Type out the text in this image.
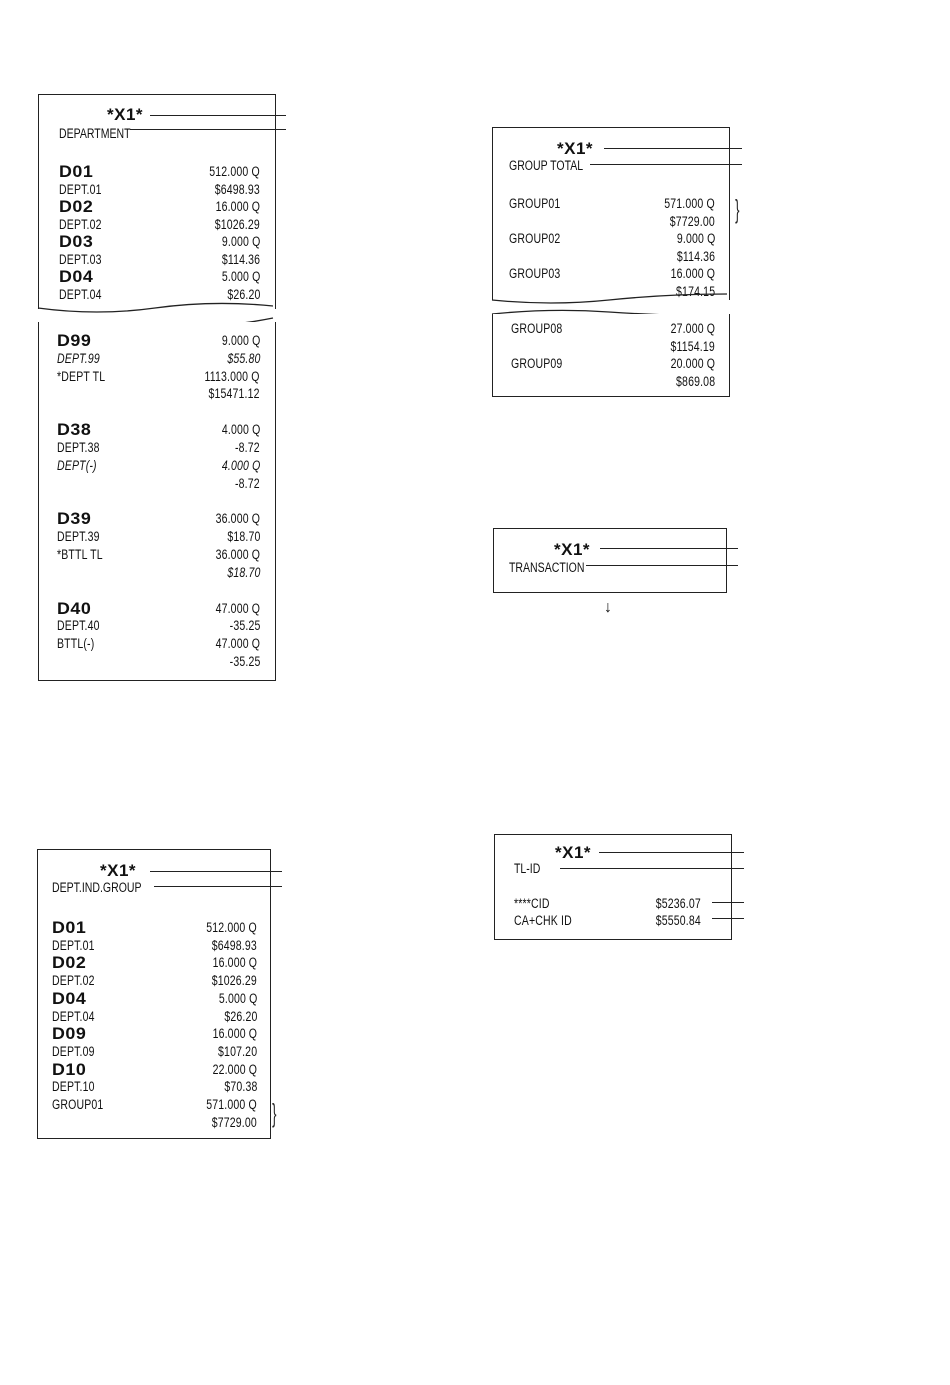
*X1*
DEPARTMENT
D01	512.000 Q
DEPT.01	$6498.93
D02	16.000 Q
DEPT.02	$1026.29
D03	9.000 Q
DEPT.03	$114.36
D04	5.000 Q
DEPT.04	$26.20
D99	9.000 Q
DEPT.99	$55.80
*DEPT TL	1113.000 Q
$15471.12
D38	4.000 Q
DEPT.38	-8.72
DEPT(-)	4.000 Q
-8.72
D39	36.000 Q
DEPT.39	$18.70
*BTTL TL	36.000 Q
$18.70
D40	47.000 Q
DEPT.40	-35.25
BTTL(-)	47.000 Q
-35.25
*X1*
DEPT.IND.GROUP
D01	512.000 Q
DEPT.01	$6498.93
D02	16.000 Q
DEPT.02	$1026.29
D04	5.000 Q
DEPT.04	$26.20
D09	16.000 Q
DEPT.09	$107.20
D10	22.000 Q
DEPT.10	$70.38
GROUP01	571.000 Q
$7729.00 }
*X1*
GROUP TOTAL
GROUP01	571.000 Q
$7729.00
GROUP02	9.000 Q
$114.36
GROUP03	16.000 Q
$174.15
GROUP08	27.000 Q
$1154.19
GROUP09	20.000 Q
$869.08
}
*X1*
TRANSACTION
↓
*X1*
TL-ID
****CID	$5236.07
CA+CHK ID	$5550.84
